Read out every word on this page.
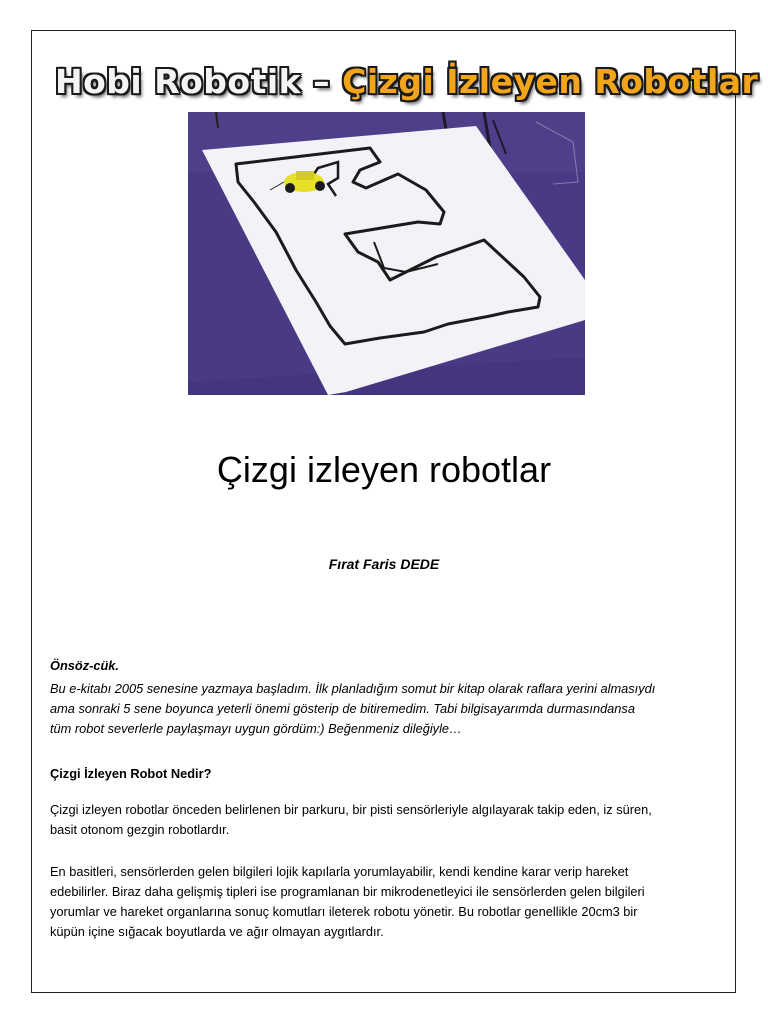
Hobi Robotik – Çizgi İzleyen Robotlar
Çizgi izleyen robotlar
Fırat Faris DEDE
Önsöz-cük.

Bu e-kitabı 2005 senesine yazmaya başladım. İlk planladığım somut bir kitap olarak raflara yerini almasıydı

ama sonraki 5 sene boyunca yeterli önemi gösterip de bitiremedim. Tabi bilgisayarımda durmasındansa

tüm robot severlerle paylaşmayı uygun gördüm:) Beğenmeniz dileğiyle…

Çizgi İzleyen Robot Nedir?

Çizgi izleyen robotlar önceden belirlenen bir parkuru, bir pisti sensörleriyle algılayarak takip eden, iz süren,

basit otonom gezgin robotlardır.

En basitleri, sensörlerden gelen bilgileri lojik kapılarla yorumlayabilir, kendi kendine karar verip hareket

edebilirler. Biraz daha gelişmiş tipleri ise programlanan bir mikrodenetleyici ile sensörlerden gelen bilgileri

yorumlar ve hareket organlarına sonuç komutları ileterek robotu yönetir. Bu robotlar genellikle 20cm3 bir

küpün içine sığacak boyutlarda ve ağır olmayan aygıtlardır.
